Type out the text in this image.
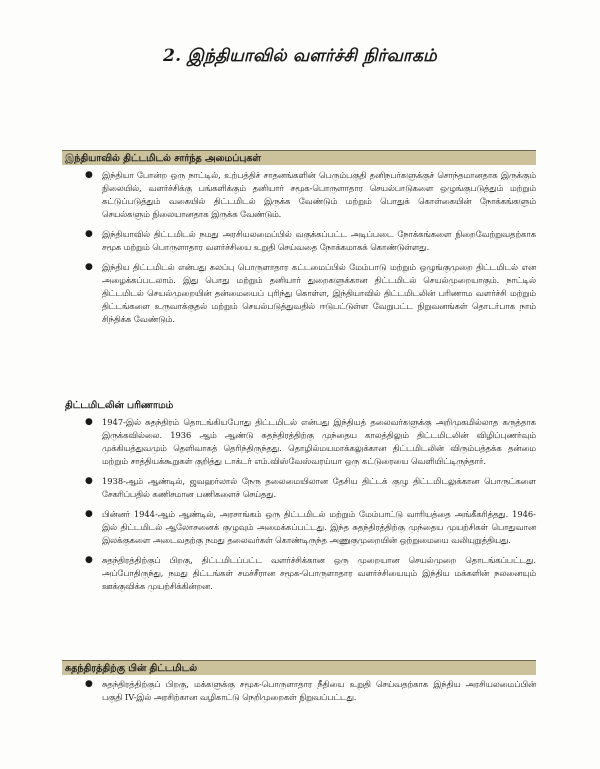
2. இந்தியாவில் வளர்ச்சி நிர்வாகம்
இந்தியாவில் திட்டமிடல் சார்ந்த அமைப்புகள்
● இந்தியா போன்ற ஒரு நாட்டில், உற்பத்திச் சாதனங்களின் பெரும்பகுதி தனிநபர்களுக்குச் சொந்தமானதாக இருக்கும் நிலையில், வளர்ச்சிக்கு பங்களிக்கும் தனியார் சமூக-பொருளாதார செயல்பாடுகளை ஒழுங்குபடுத்தும் மற்றும் கட்டுப்படுத்தும் வகையில் திட்டமிடல் இருக்க வேண்டும் மற்றும் பொதுக் கொள்கையின் நோக்கங்களும் செயல்களும் நிலையானதாக இருக்க வேண்டும்.
● இந்தியாவில் திட்டமிடல் நமது அரசியலமைப்பில் வகுக்கப்பட்ட அடிப்படை நோக்கங்களை நிறைவேற்றுவதற்காக சமூக மற்றும் பொருளாதார வளர்ச்சியை உறுதி செய்வதை நோக்கமாகக் கொண்டுள்ளது.
● இந்திய திட்டமிடல் என்பது கலப்பு பொருளாதார கட்டமைப்பில் மேம்பாடு மற்றும் ஒழுங்குமுறை திட்டமிடல் என அழைக்கப்படலாம். இது பொது மற்றும் தனியார் துறைகளுக்கான திட்டமிடல் செயல்முறையாகும். நாட்டில் திட்டமிடல் செயல்முறையின் தன்மையைப் புரிந்து கொள்ள, இந்தியாவில் திட்டமிடலின் பரிணாம வளர்ச்சி மற்றும் திட்டங்களை உருவாக்குதல் மற்றும் செயல்படுத்துவதில் ஈடுபட்டுள்ள வேறுபட்ட நிறுவனங்கள் தொடர்பாக நாம் சிந்திக்க வேண்டும்.
திட்டமிடலின் பரிணாமம்
● 1947-இல் சுதந்திரம் தொடங்கியபோது திட்டமிடல் என்பது இந்தியத் தலைவர்களுக்கு அறிமுகமில்லாத கருத்தாக இருக்கவில்லை. 1936 ஆம் ஆண்டு சுதந்திரத்திற்கு முந்தைய காலத்திலும் திட்டமிடலின் விழிப்புணர்வும் முக்கியத்துவமும் தெளிவாகத் தெரிந்திருந்தது. தொழில்மயமாக்கலுக்கான திட்டமிடலின் விரும்பத்தக்க தன்மை மற்றும் சாத்தியக்கூறுகள் குறித்து டாக்டர் எம்.விஸ்வேஸ்வரய்யா ஒரு கட்டுரையை வெளியிட்டிருந்தார்.
● 1938-ஆம் ஆண்டில், ஜவஹர்லால் நேரு தலைமையிலான தேசிய திட்டக் குழு திட்டமிடலுக்கான பொருட்களை சேகரிப்பதில் கணிசமான பணிகளைச் செய்தது.
● பின்னர் 1944-ஆம் ஆண்டில், அரசாங்கம் ஒரு திட்டமிடல் மற்றும் மேம்பாட்டு வாரியத்தை அங்கீகரித்தது. 1946-இல் திட்டமிடல் ஆலோசனைக் குழுவும் அமைக்கப்பட்டது. இந்த சுதந்திரத்திற்கு முந்தைய முயற்சிகள் பொதுவான இலக்குகளை அடைவதற்கு நமது தலைவர்கள் கொண்டிருந்த அணுகுமுறையின் ஒற்றுமையை வலியுறுத்தியது.
● சுதந்திரத்திற்குப் பிறகு, திட்டமிடப்பட்ட வளர்ச்சிக்கான ஒரு முறையான செயல்முறை தொடங்கப்பட்டது. அப்போதிருந்து, நமது திட்டங்கள் சமச்சீரான சமூக-பொருளாதார வளர்ச்சியையும் இந்திய மக்களின் நலனையும் ஊக்குவிக்க முயற்சிக்கின்றன.
சுதந்திரத்திற்கு பின் திட்டமிடல்
● சுதந்திரத்திற்குப் பிறகு, மக்களுக்கு சமூக-பொருளாதார நீதியை உறுதி செய்வதற்காக இந்திய அரசியலமைப்பின் பகுதி IV-இல் அரசிற்கான வழிகாட்டு நெறிமுறைகள் நிறுவப்பட்டது.
